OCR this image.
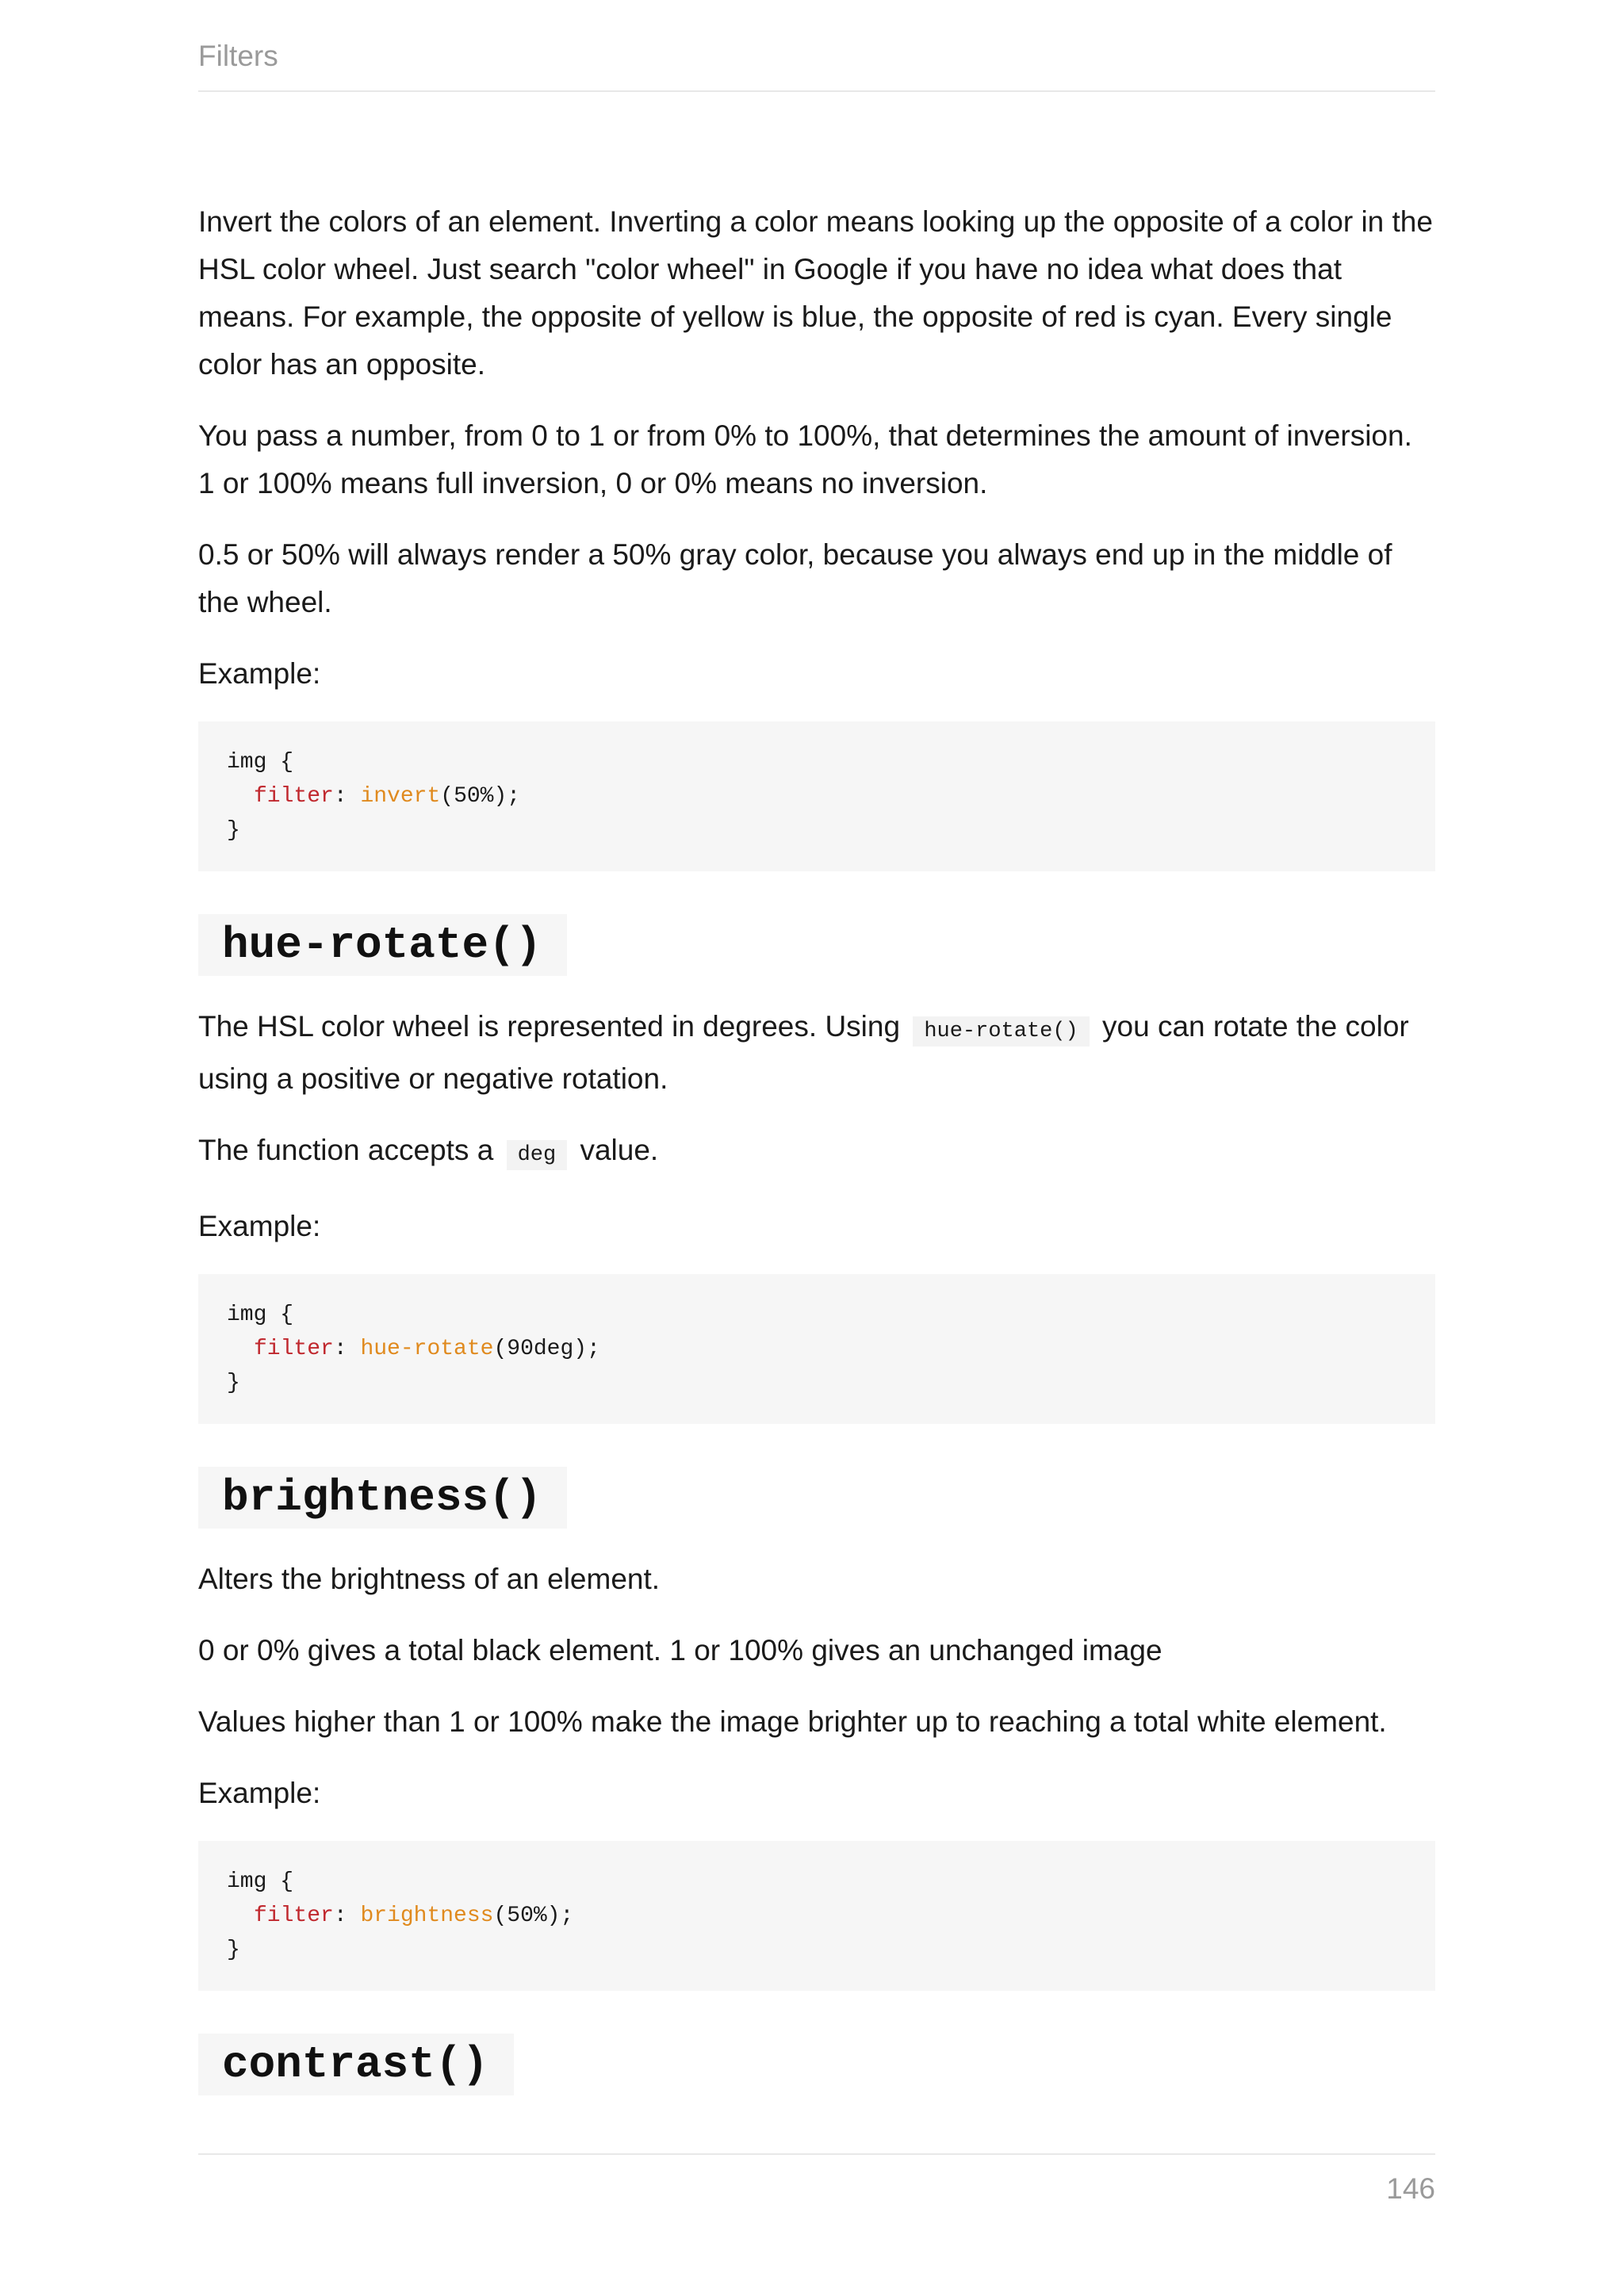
Filters

Invert the colors of an element. Inverting a color means looking up the opposite of a color in the HSL color wheel. Just search "color wheel" in Google if you have no idea what does that means. For example, the opposite of yellow is blue, the opposite of red is cyan. Every single color has an opposite.

You pass a number, from 0 to 1 or from 0% to 100%, that determines the amount of inversion. 1 or 100% means full inversion, 0 or 0% means no inversion.

0.5 or 50% will always render a 50% gray color, because you always end up in the middle of the wheel.

Example:

img {
filter: invert(50%);
}
hue-rotate()

The HSL color wheel is represented in degrees. Using hue-rotate() you can rotate the color using a positive or negative rotation.

The function accepts a deg value.

Example:

img {
filter: hue-rotate(90deg);
}
brightness()

Alters the brightness of an element.

0 or 0% gives a total black element. 1 or 100% gives an unchanged image

Values higher than 1 or 100% make the image brighter up to reaching a total white element.

Example:

img {
filter: brightness(50%);
}
contrast()
146
